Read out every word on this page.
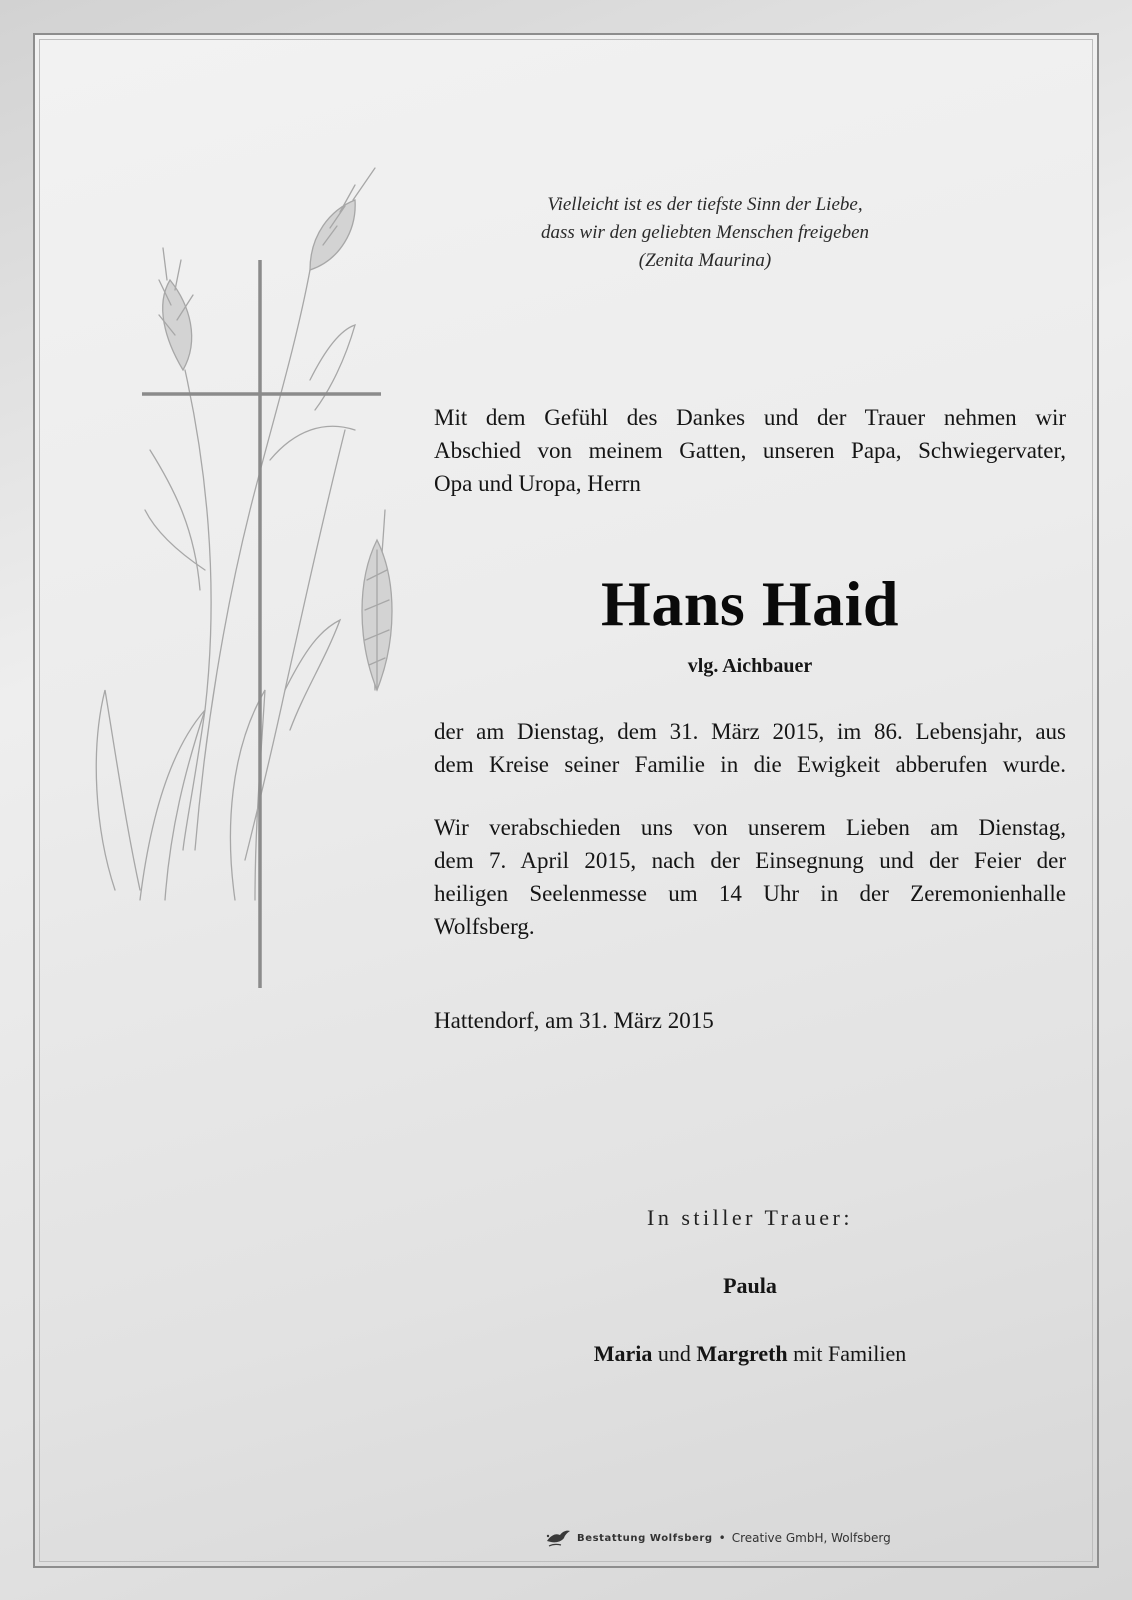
Vielleicht ist es der tiefste Sinn der Liebe,
dass wir den geliebten Menschen freigeben
(Zenita Maurina)

Mit dem Gefühl des Dankes und der Trauer nehmen wir

Abschied von meinem Gatten, unseren Papa, Schwiegervater,

Opa und Uropa, Herrn

Hans Haid
vlg. Aichbauer

der am Dienstag, dem 31. März 2015, im 86. Lebensjahr, aus

dem Kreise seiner Familie in die Ewigkeit abberufen wurde.

Wir verabschieden uns von unserem Lieben am Dienstag,

dem 7. April 2015, nach der Einsegnung und der Feier der

heiligen Seelenmesse um 14 Uhr in der Zeremonienhalle

Wolfsberg.

Hattendorf, am 31. März 2015
In stiller Trauer:
Paula
Maria und Margreth mit Familien
Bestattung Wolfsberg • Creative GmbH, Wolfsberg
